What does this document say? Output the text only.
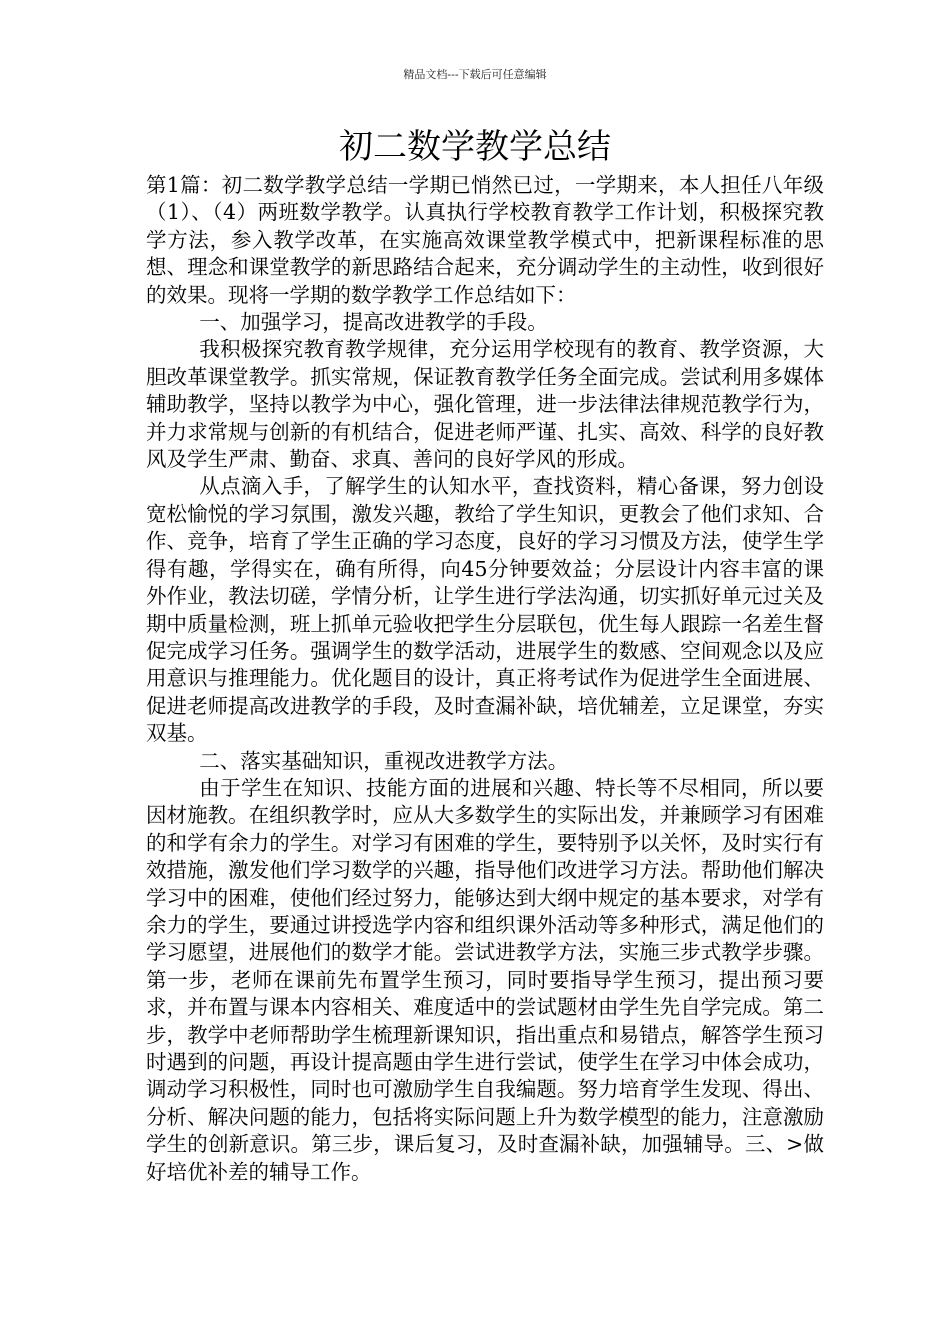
精品文档---下载后可任意编辑
初二数学教学总结

第1篇：初二数学教学总结一学期已悄然已过，一学期来，本人担任八年级（1）、（4）两班数学教学。认真执行学校教育教学工作计划，积极探究教学方法，参入教学改革，在实施高效课堂教学模式中，把新课程标准的思想、理念和课堂教学的新思路结合起来，充分调动学生的主动性，收到很好的效果。现将一学期的数学教学工作总结如下：

一、加强学习，提高改进教学的手段。

我积极探究教育教学规律，充分运用学校现有的教育、教学资源，大胆改革课堂教学。抓实常规，保证教育教学任务全面完成。尝试利用多媒体辅助教学，坚持以教学为中心，强化管理，进一步法律法律规范教学行为，并力求常规与创新的有机结合，促进老师严谨、扎实、高效、科学的良好教风及学生严肃、勤奋、求真、善问的良好学风的形成。

从点滴入手，了解学生的认知水平，查找资料，精心备课，努力创设宽松愉悦的学习氛围，激发兴趣，教给了学生知识，更教会了他们求知、合作、竞争，培育了学生正确的学习态度，良好的学习习惯及方法，使学生学得有趣，学得实在，确有所得，向45分钟要效益；分层设计内容丰富的课外作业，教法切磋，学情分析，让学生进行学法沟通，切实抓好单元过关及期中质量检测，班上抓单元验收把学生分层联包，优生每人跟踪一名差生督促完成学习任务。强调学生的数学活动，进展学生的数感、空间观念以及应用意识与推理能力。优化题目的设计，真正将考试作为促进学生全面进展、促进老师提高改进教学的手段，及时查漏补缺，培优辅差，立足课堂，夯实双基。

二、落实基础知识，重视改进教学方法。

由于学生在知识、技能方面的进展和兴趣、特长等不尽相同，所以要因材施教。在组织教学时，应从大多数学生的实际出发，并兼顾学习有困难的和学有余力的学生。对学习有困难的学生，要特别予以关怀，及时实行有效措施，激发他们学习数学的兴趣，指导他们改进学习方法。帮助他们解决学习中的困难，使他们经过努力，能够达到大纲中规定的基本要求，对学有余力的学生，要通过讲授选学内容和组织课外活动等多种形式，满足他们的学习愿望，进展他们的数学才能。尝试进教学方法，实施三步式教学步骤。第一步，老师在课前先布置学生预习，同时要指导学生预习，提出预习要求，并布置与课本内容相关、难度适中的尝试题材由学生先自学完成。第二步，教学中老师帮助学生梳理新课知识，指出重点和易错点，解答学生预习时遇到的问题，再设计提高题由学生进行尝试，使学生在学习中体会成功，调动学习积极性，同时也可激励学生自我编题。努力培育学生发现、得出、分析、解决问题的能力，包括将实际问题上升为数学模型的能力，注意激励学生的创新意识。第三步，课后复习，及时查漏补缺，加强辅导。三、>做好培优补差的辅导工作。
